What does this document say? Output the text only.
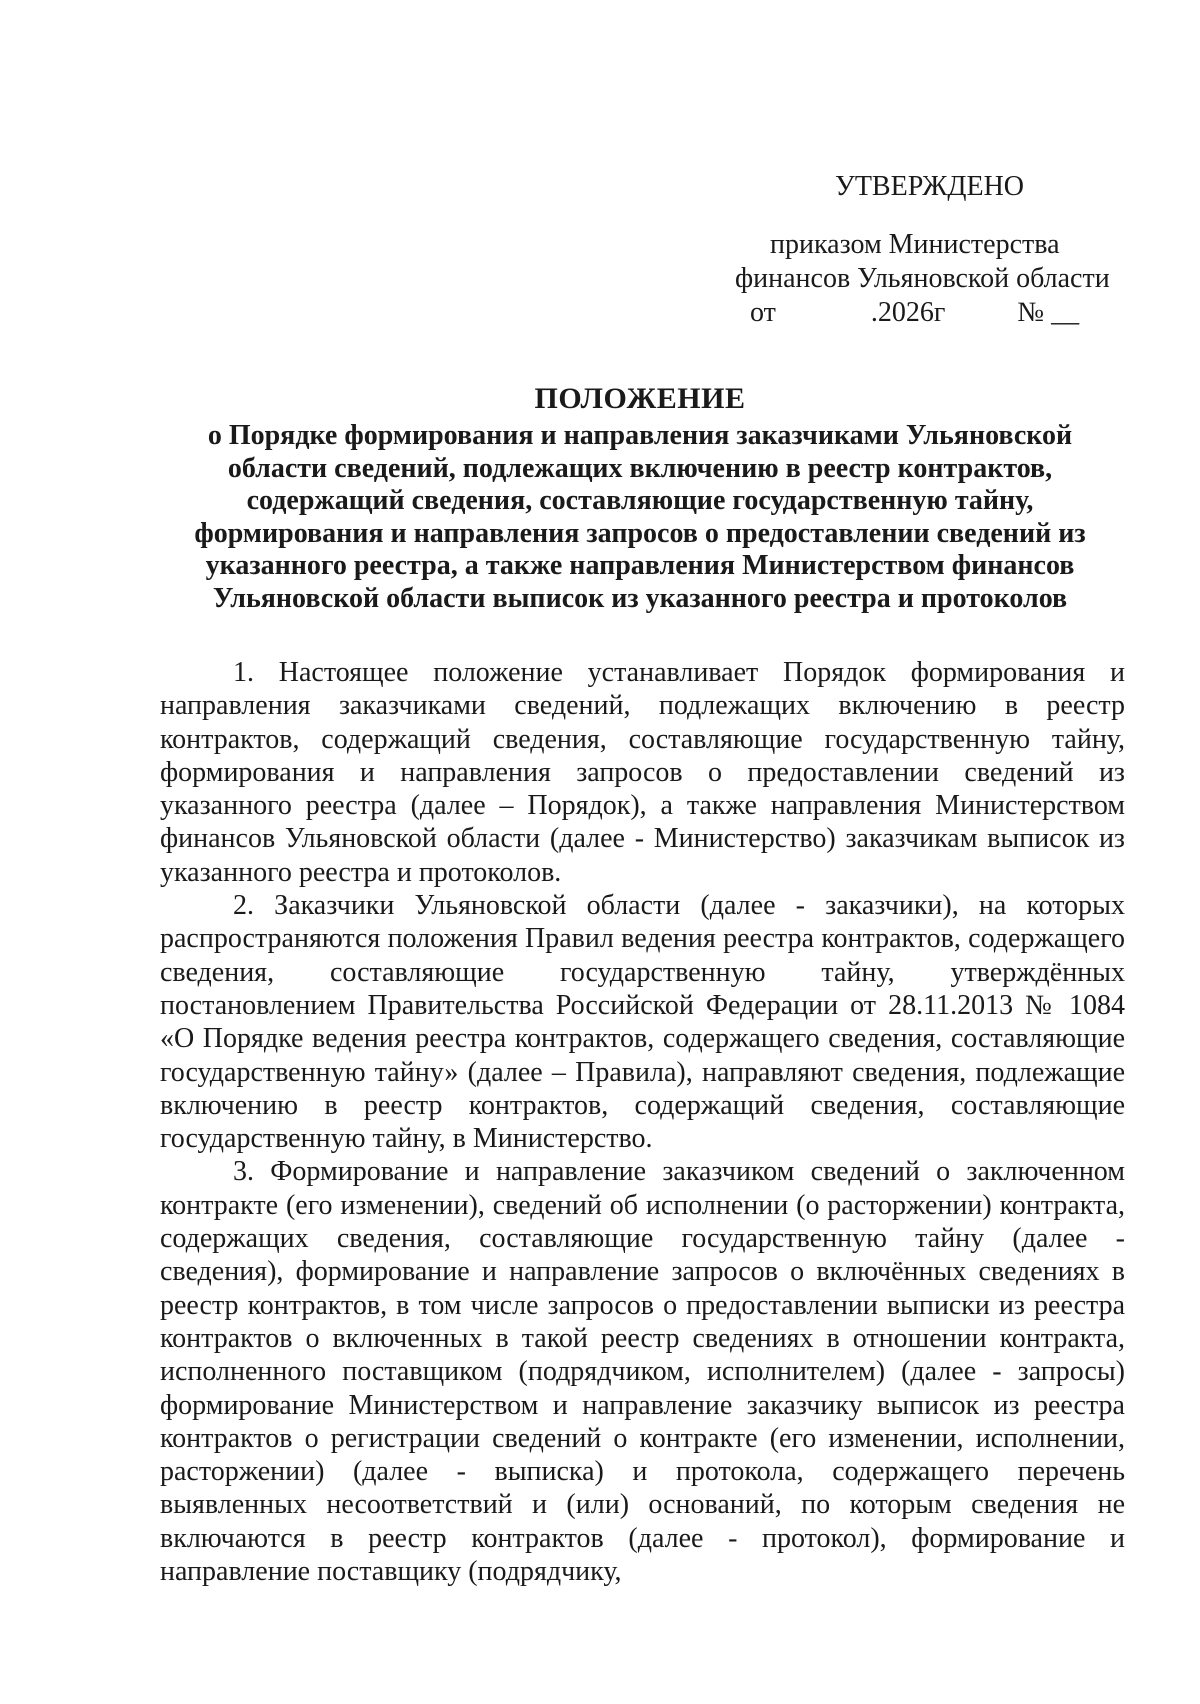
УТВЕРЖДЕНО
приказом Министерства
финансов Ульяновской области
от	.2026г	№ __
ПОЛОЖЕНИЕ
о Порядке формирования и направления заказчиками Ульяновской области сведений, подлежащих включению в реестр контрактов, содержащий сведения, составляющие государственную тайну, формирования и направления запросов о предоставлении сведений из указанного реестра, а также направления Министерством финансов Ульяновской области выписок из указанного реестра и протоколов

1. Настоящее положение устанавливает Порядок формирования и направления заказчиками сведений, подлежащих включению в реестр контрактов, содержащий сведения, составляющие государственную тайну, формирования и направления запросов о предоставлении сведений из указанного реестра (далее – Порядок), а также направления Министерством финансов Ульяновской области (далее - Министерство) заказчикам выписок из указанного реестра и протоколов.

2. Заказчики Ульяновской области (далее - заказчики), на которых распространяются положения Правил ведения реестра контрактов, содержащего сведения, составляющие государственную тайну, утверждённых постановлением Правительства Российской Федерации от 28.11.2013 № 1084 «О Порядке ведения реестра контрактов, содержащего сведения, составляющие государственную тайну» (далее – Правила), направляют сведения, подлежащие включению в реестр контрактов, содержащий сведения, составляющие государственную тайну, в Министерство.

3. Формирование и направление заказчиком сведений о заключенном контракте (его изменении), сведений об исполнении (о расторжении) контракта, содержащих сведения, составляющие государственную тайну (далее - сведения), формирование и направление запросов о включённых сведениях в реестр контрактов, в том числе запросов о предоставлении выписки из реестра контрактов о включенных в такой реестр сведениях в отношении контракта, исполненного поставщиком (подрядчиком, исполнителем) (далее - запросы) формирование Министерством и направление заказчику выписок из реестра контрактов о регистрации сведений о контракте (его изменении, исполнении, расторжении) (далее - выписка) и протокола, содержащего перечень выявленных несоответствий и (или) оснований, по которым сведения не включаются в реестр контрактов (далее - протокол), формирование и направление поставщику (подрядчику,
